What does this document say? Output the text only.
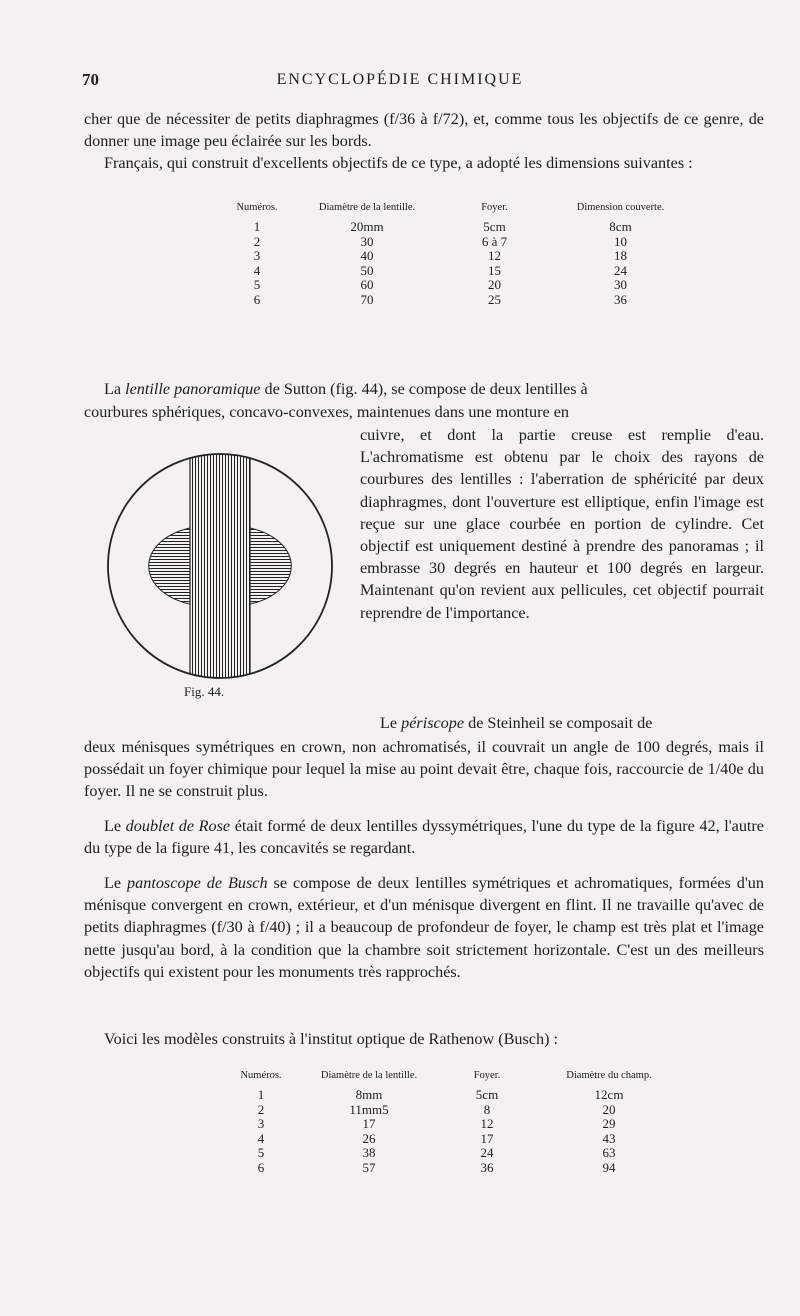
70	ENCYCLOPÉDIE CHIMIQUE

cher que de nécessiter de petits diaphragmes (f/36 à f/72), et, comme tous les objectifs de ce genre, de donner une image peu éclairée sur les bords.

Français, qui construit d'excellents objectifs de ce type, a adopté les dimensions suivantes :

Numéros.	Diamètre de la lentille.	Foyer.	Dimension couverte.
1	20mm	5cm	8cm
2	30	6 à 7	10
3	40	12	18
4	50	15	24
5	60	20	30
6	70	25	36

La lentille panoramique de Sutton (fig. 44), se compose de deux lentilles à

courbures sphériques, concavo-convexes, maintenues dans une monture en

Fig. 44.

cuivre, et dont la partie creuse est remplie d'eau. L'achromatisme est obtenu par le choix des rayons de courbures des lentilles : l'aberration de sphéricité par deux diaphragmes, dont l'ouverture est elliptique, enfin l'image est reçue sur une glace courbée en portion de cylindre. Cet objectif est uniquement destiné à prendre des panoramas ; il embrasse 30 degrés en hauteur et 100 degrés en largeur. Maintenant qu'on revient aux pellicules, cet objectif pourrait reprendre de l'importance.

Le périscope de Steinheil se composait de

deux ménisques symétriques en crown, non achromatisés, il couvrait un angle de 100 degrés, mais il possédait un foyer chimique pour lequel la mise au point devait être, chaque fois, raccourcie de 1/40e du foyer. Il ne se construit plus.

Le doublet de Rose était formé de deux lentilles dyssymétriques, l'une du type de la figure 42, l'autre du type de la figure 41, les concavités se regardant.

Le pantoscope de Busch se compose de deux lentilles symétriques et achromatiques, formées d'un ménisque convergent en crown, extérieur, et d'un ménisque divergent en flint. Il ne travaille qu'avec de petits diaphragmes (f/30 à f/40) ; il a beaucoup de profondeur de foyer, le champ est très plat et l'image nette jusqu'au bord, à la condition que la chambre soit strictement horizontale. C'est un des meilleurs objectifs qui existent pour les monuments très rapprochés.

Voici les modèles construits à l'institut optique de Rathenow (Busch) :

Numéros.	Diamètre de la lentille.	Foyer.	Diamètre du champ.
1	8mm	5cm	12cm
2	11mm5	8	20
3	17	12	29
4	26	17	43
5	38	24	63
6	57	36	94
